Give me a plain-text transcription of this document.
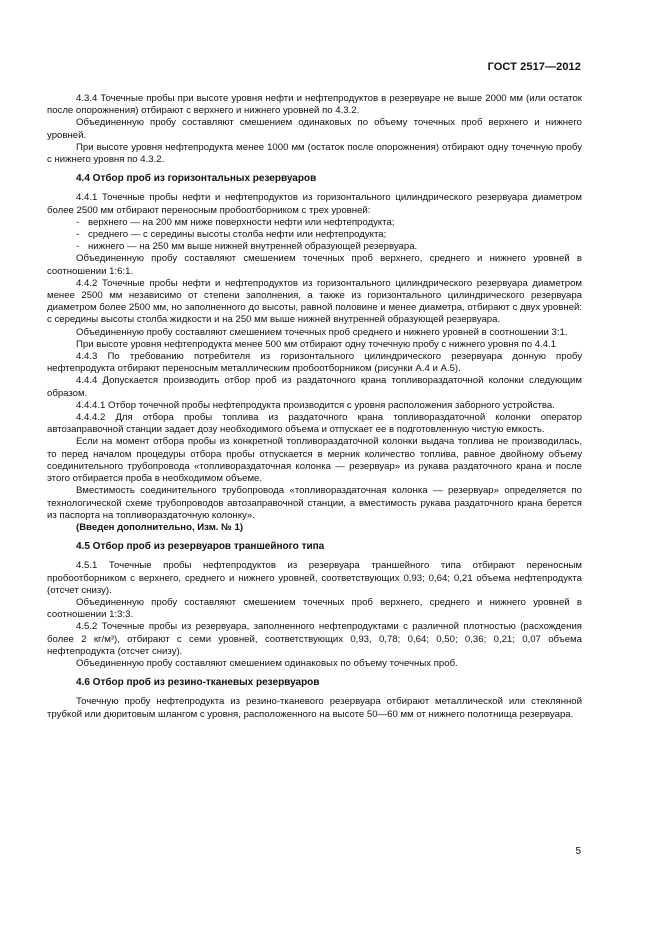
ГОСТ 2517—2012

4.3.4 Точечные пробы при высоте уровня нефти и нефтепродуктов в резервуаре не выше 2000 мм (или остаток после опорожнения) отбирают с верхнего и нижнего уровней по 4.3.2.

Объединенную пробу составляют смешением одинаковых по объему точечных проб верхнего и нижнего уровней.

При высоте уровня нефтепродукта менее 1000 мм (остаток после опорожнения) отбирают одну точечную пробу с нижнего уровня по 4.3.2.

4.4 Отбор проб из горизонтальных резервуаров

4.4.1 Точечные пробы нефти и нефтепродуктов из горизонтального цилиндрического резервуара диаметром более 2500 мм отбирают переносным пробоотборником с трех уровней:

- верхнего — на 200 мм ниже поверхности нефти или нефтепродукта;

- среднего — с середины высоты столба нефти или нефтепродукта;

- нижнего — на 250 мм выше нижней внутренней образующей резервуара.

Объединенную пробу составляют смешением точечных проб верхнего, среднего и нижнего уровней в соотношении 1:6:1.

4.4.2 Точечные пробы нефти и нефтепродуктов из горизонтального цилиндрического резервуара диаметром менее 2500 мм независимо от степени заполнения, а также из горизонтального цилиндрического резервуара диаметром более 2500 мм, но заполненного до высоты, равной половине и менее диаметра, отбирают с двух уровней: с середины высоты столба жидкости и на 250 мм выше нижней внутренней образующей резервуара.

Объединенную пробу составляют смешением точечных проб среднего и нижнего уровней в соотношении 3:1.

При высоте уровня нефтепродукта менее 500 мм отбирают одну точечную пробу с нижнего уровня по 4.4.1

4.4.3 По требованию потребителя из горизонтального цилиндрического резервуара донную пробу нефтепродукта отбирают переносным металлическим пробоотборником (рисунки А.4 и А.5).

4.4.4 Допускается производить отбор проб из раздаточного крана топливораздаточной колонки следующим образом.

4.4.4.1 Отбор точечной пробы нефтепродукта производится с уровня расположения заборного устройства.

4.4.4.2 Для отбора пробы топлива из раздаточного крана топливораздаточной колонки оператор автозаправочной станции задает дозу необходимого объема и отпускает ее в подготовленную чистую емкость.

Если на момент отбора пробы из конкретной топливораздаточной колонки выдача топлива не производилась, то перед началом процедуры отбора пробы отпускается в мерник количество топлива, равное двойному объему соединительного трубопровода «топливораздаточная колонка — резервуар» из рукава раздаточного крана и после этого отбирается проба в необходимом объеме.

Вместимость соединительного трубопровода «топливораздаточная колонка — резервуар» определяется по технологической схеме трубопроводов автозаправочной станции, а вместимость рукава раздаточного крана берется из паспорта на топливораздаточную колонку».

(Введен дополнительно, Изм. № 1)

4.5 Отбор проб из резервуаров траншейного типа

4.5.1 Точечные пробы нефтепродуктов из резервуара траншейного типа отбирают переносным пробоотборником с верхнего, среднего и нижнего уровней, соответствующих 0,93; 0,64; 0,21 объема нефтепродукта (отсчет снизу).

Объединенную пробу составляют смешением точечных проб верхнего, среднего и нижнего уровней в соотношении 1:3:3.

4.5.2 Точечные пробы из резервуара, заполненного нефтепродуктами с различной плотностью (расхождения более 2 кг/м³), отбирают с семи уровней, соответствующих 0,93, 0,78; 0,64; 0,50; 0,36; 0,21; 0,07 объема нефтепродукта (отсчет снизу).

Объединенную пробу составляют смешением одинаковых по объему точечных проб.

4.6 Отбор проб из резино-тканевых резервуаров

Точечную пробу нефтепродукта из резино-тканевого резервуара отбирают металлической или стеклянной трубкой или дюритовым шлангом с уровня, расположенного на высоте 50—60 мм от нижнего полотнища резервуара.

5
